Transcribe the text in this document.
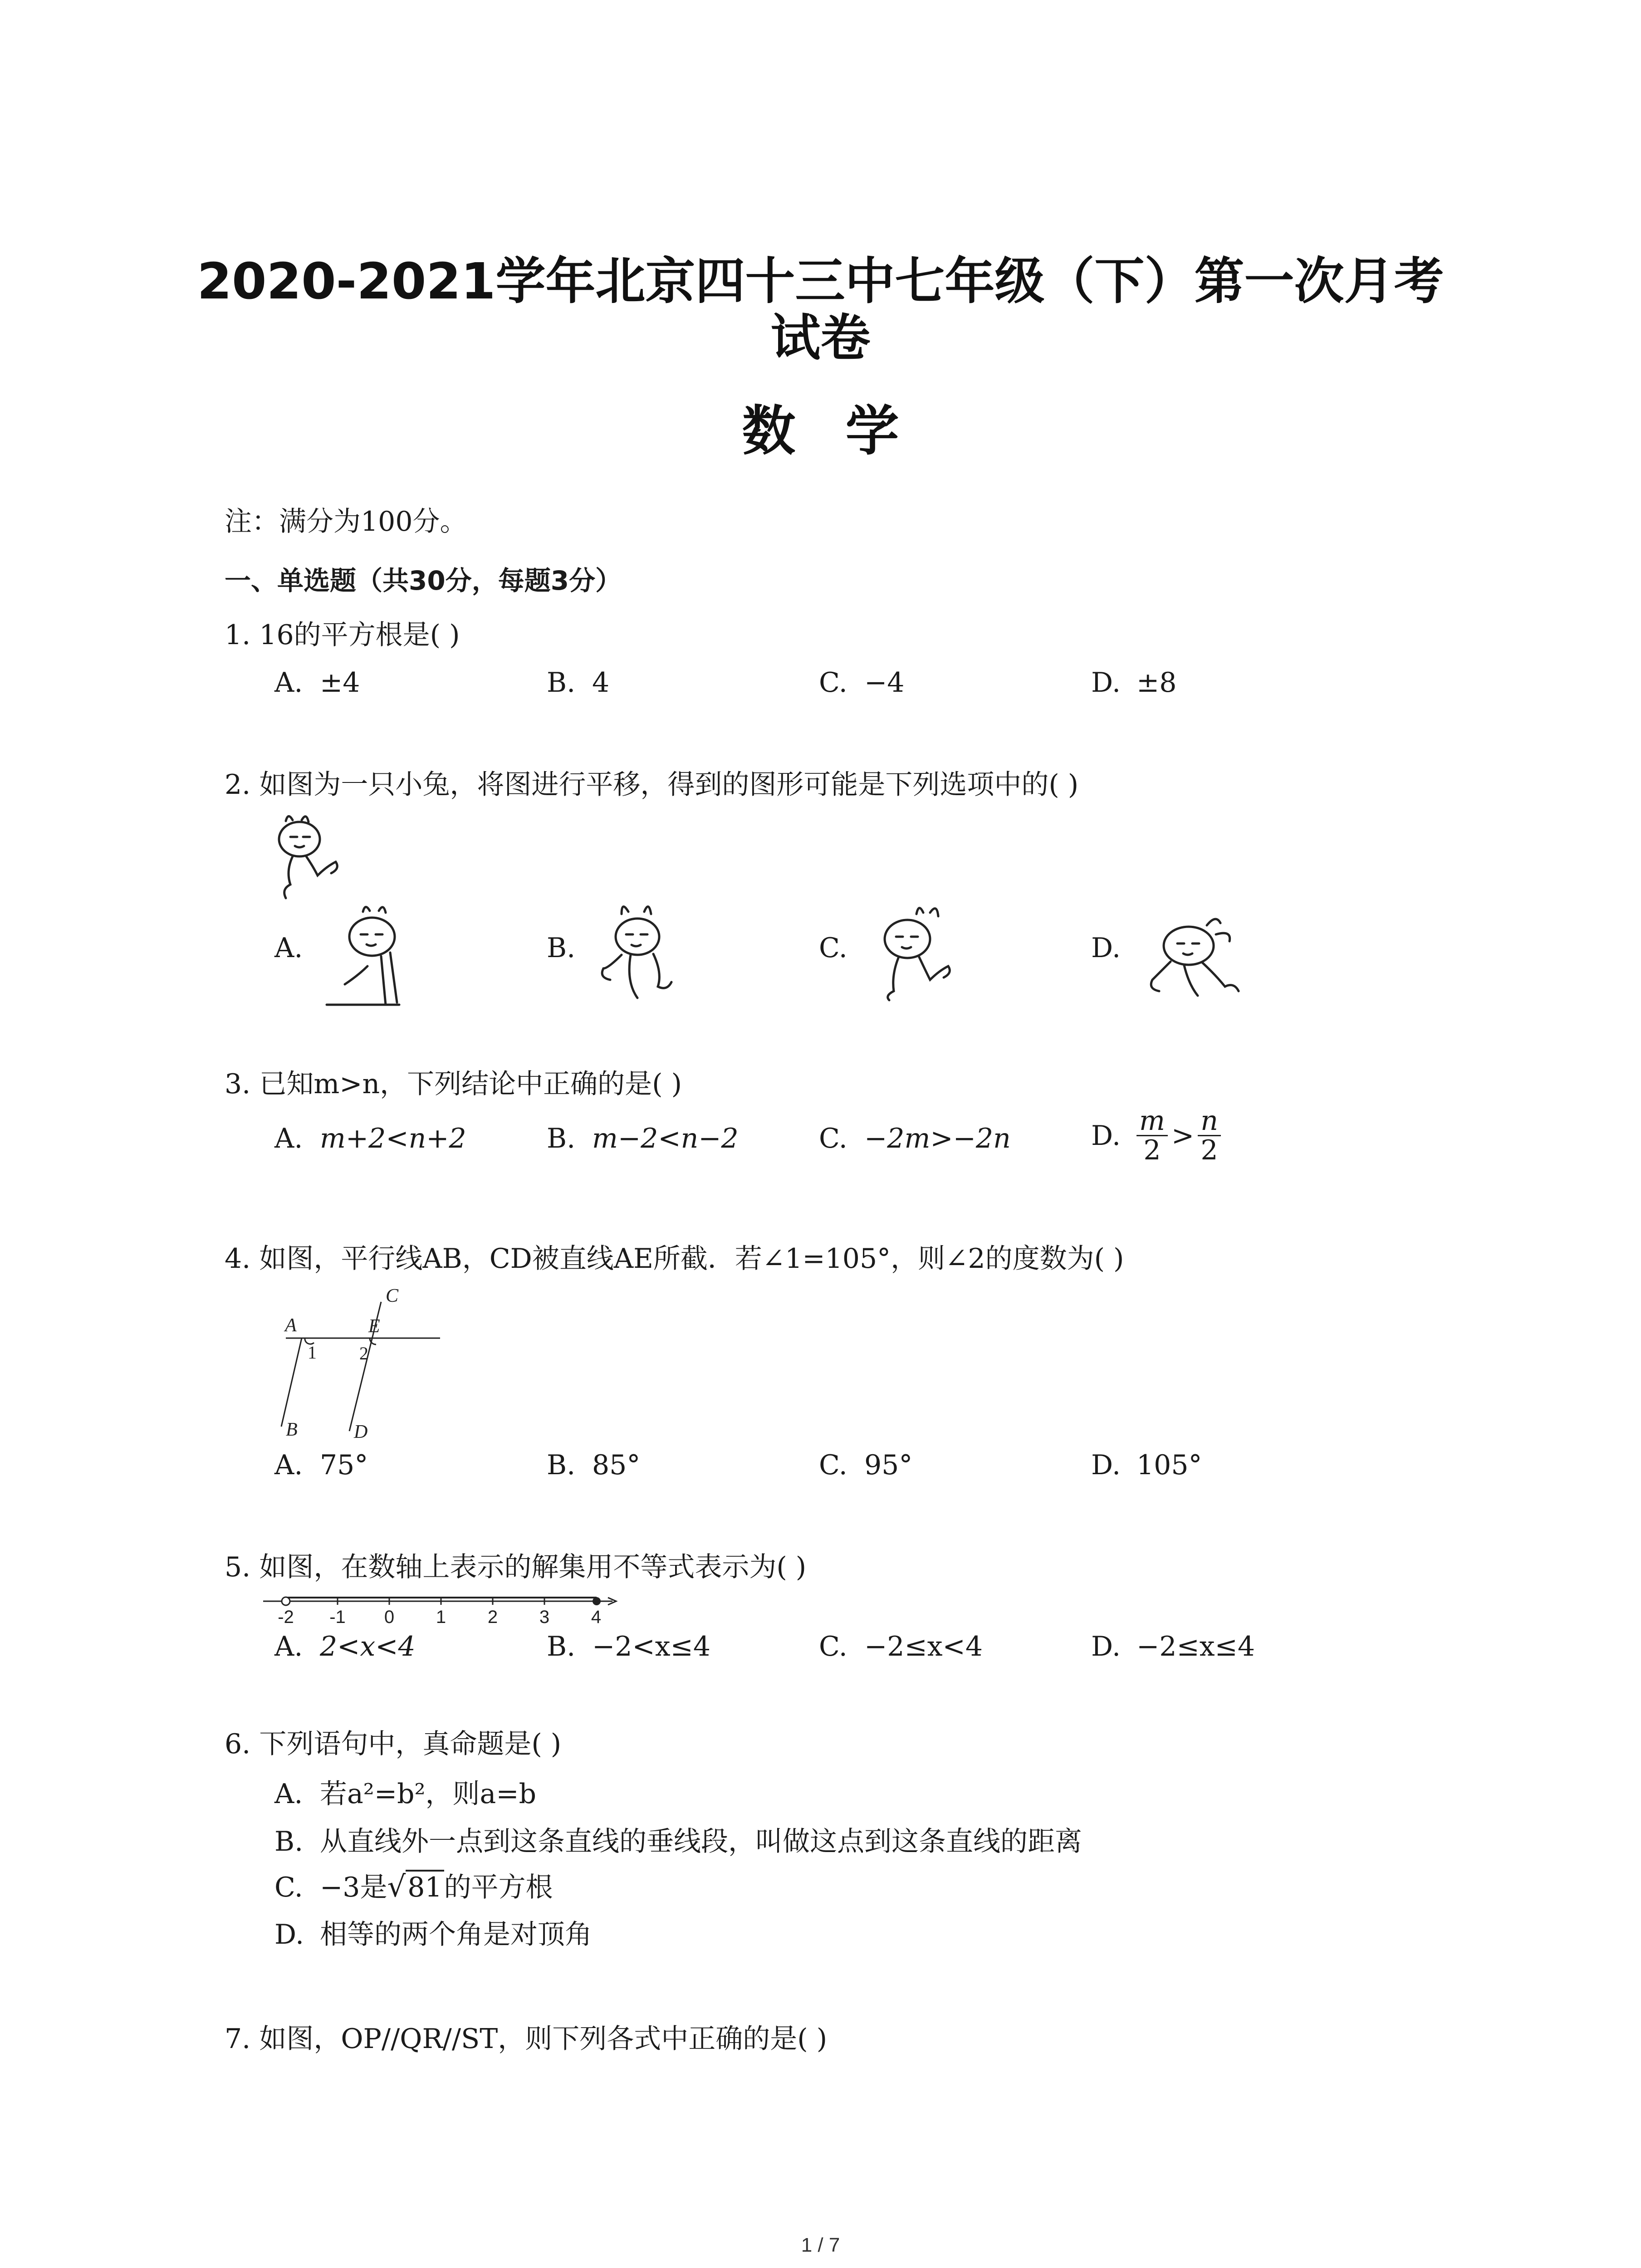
2020-2021学年北京四十三中七年级（下）第一次月考
试卷
数学
注：满分为100分。
一、单选题（共30分，每题3分）
1. 16的平方根是( )
A. ±4	B. 4	C. −4	D. ±8
2. 如图为一只小兔，将图进行平移，得到的图形可能是下列选项中的( )
A.	B.	C.	D.
3. 已知m>n，下列结论中正确的是( )
A. m+2<n+2	B. m−2<n−2	C. −2m>−2n	D. $\frac{m}{2} > \frac{n}{2}$
4. 如图，平行线AB，CD被直线AE所截．若∠1=105°，则∠2的度数为( )
A	E
C
B	D
1 2
A. 75°	B. 85°	C. 95°	D. 105°
5. 如图，在数轴上表示的解集用不等式表示为( )
-2 -1 0 1 2 3 4
A. 2<x<4	B. −2<x≤4	C. −2≤x<4	D. −2≤x≤4
6. 下列语句中，真命题是( )
A. 若a²=b²，则a=b
B. 从直线外一点到这条直线的垂线段，叫做这点到这条直线的距离
C. −3是√81的平方根
D. 相等的两个角是对顶角
7. 如图，OP//QR//ST，则下列各式中正确的是( )
1 / 7
